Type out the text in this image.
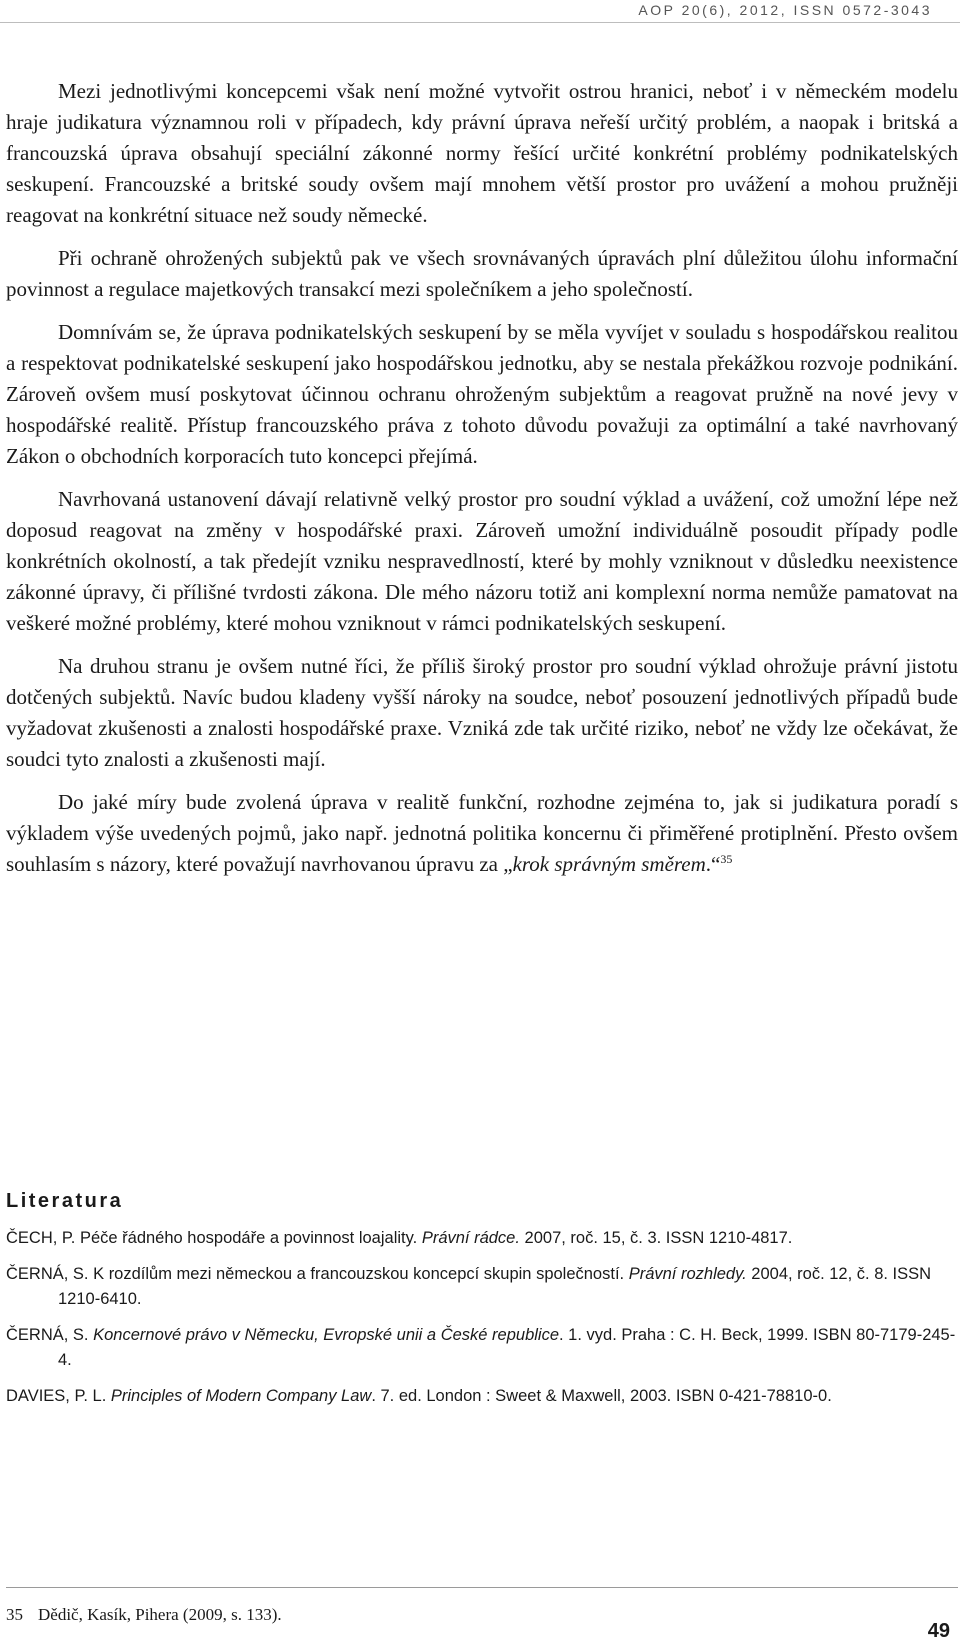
AOP 20(6), 2012, ISSN 0572-3043

Mezi jednotlivými koncepcemi však není možné vytvořit ostrou hranici, neboť i v německém modelu hraje judikatura významnou roli v případech, kdy právní úprava neřeší určitý problém, a naopak i britská a francouzská úprava obsahují speciální zákonné normy řešící určité konkrétní problémy podnikatelských seskupení. Francouzské a britské soudy ovšem mají mnohem větší prostor pro uvážení a mohou pružněji reagovat na konkrétní situace než soudy německé.

Při ochraně ohrožených subjektů pak ve všech srovnávaných úpravách plní důležitou úlohu informační povinnost a regulace majetkových transakcí mezi společníkem a jeho společností.

Domnívám se, že úprava podnikatelských seskupení by se měla vyvíjet v souladu s hospodářskou realitou a respektovat podnikatelské seskupení jako hospodářskou jednotku, aby se nestala překážkou rozvoje podnikání. Zároveň ovšem musí poskytovat účinnou ochranu ohroženým subjektům a reagovat pružně na nové jevy v hospodářské realitě. Přístup francouzského práva z tohoto důvodu považuji za optimální a také navrhovaný Zákon o obchodních korporacích tuto koncepci přejímá.

Navrhovaná ustanovení dávají relativně velký prostor pro soudní výklad a uvážení, což umožní lépe než doposud reagovat na změny v hospodářské praxi. Zároveň umožní individuálně posoudit případy podle konkrétních okolností, a tak předejít vzniku nespravedlností, které by mohly vzniknout v důsledku neexistence zákonné úpravy, či přílišné tvrdosti zákona. Dle mého názoru totiž ani komplexní norma nemůže pamatovat na veškeré možné problémy, které mohou vzniknout v rámci podnikatelských seskupení.

Na druhou stranu je ovšem nutné říci, že příliš široký prostor pro soudní výklad ohrožuje právní jistotu dotčených subjektů. Navíc budou kladeny vyšší nároky na soudce, neboť posouzení jednotlivých případů bude vyžadovat zkušenosti a znalosti hospodářské praxe. Vzniká zde tak určité riziko, neboť ne vždy lze očekávat, že soudci tyto znalosti a zkušenosti mají.

Do jaké míry bude zvolená úprava v realitě funkční, rozhodne zejména to, jak si judikatura poradí s výkladem výše uvedených pojmů, jako např. jednotná politika koncernu či přiměřené protiplnění. Přesto ovšem souhlasím s názory, které považují navrhovanou úpravu za „krok správným směrem.“$^{35}$

Literatura

ČECH, P. Péče řádného hospodáře a povinnost loajality. Právní rádce. 2007, roč. 15, č. 3. ISSN 1210-4817.

ČERNÁ, S. K rozdílům mezi německou a francouzskou koncepcí skupin společností. Právní rozhledy. 2004, roč. 12, č. 8. ISSN 1210-6410.

ČERNÁ, S. Koncernové právo v Německu, Evropské unii a České republice. 1. vyd. Praha : C. H. Beck, 1999. ISBN 80-7179-245-4.

DAVIES, P. L. Principles of Modern Company Law. 7. ed. London : Sweet & Maxwell, 2003. ISBN 0-421-78810-0.

35 Dědič, Kasík, Pihera (2009, s. 133).
49
